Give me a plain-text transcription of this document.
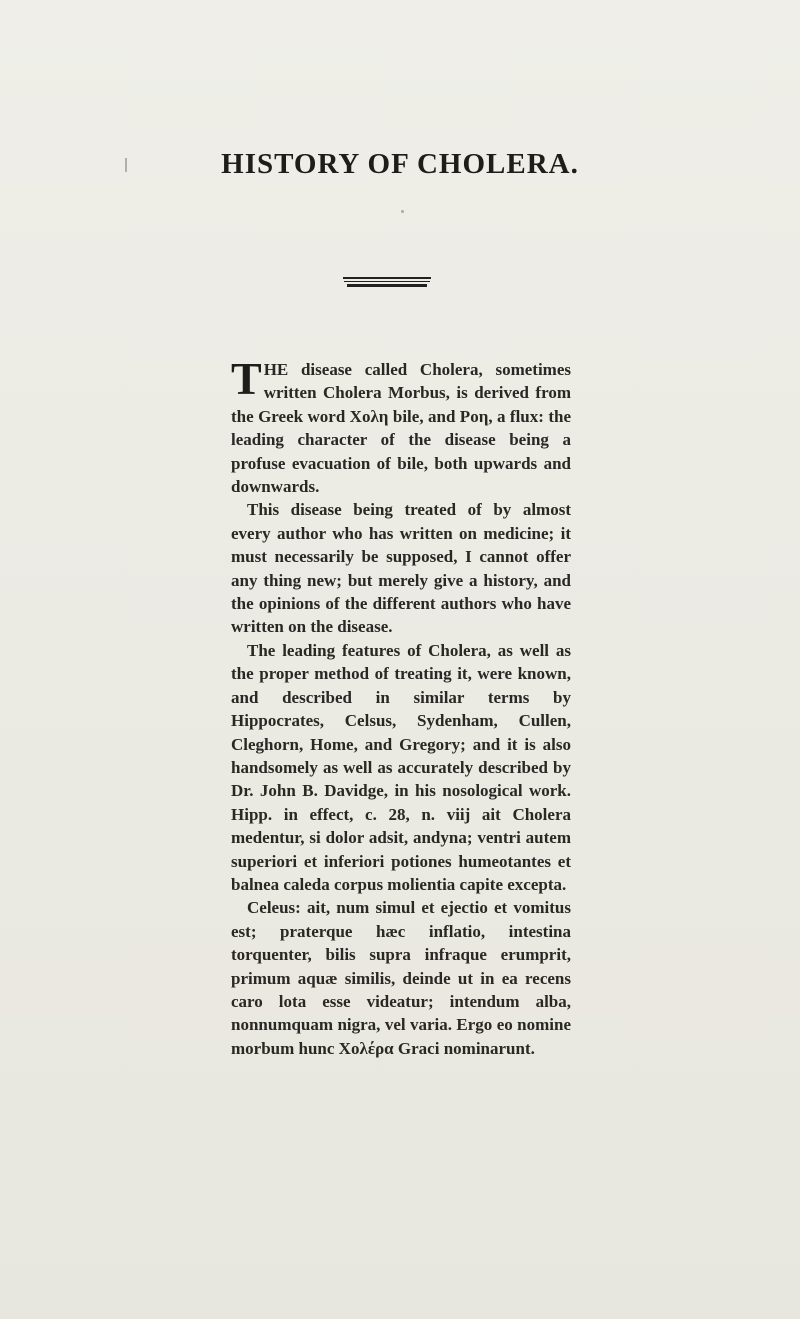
HISTORY OF CHOLERA.

THE disease called Cholera, sometimes written Cholera Morbus, is derived from the Greek word Χολη bile, and Ροη, a flux: the leading character of the disease being a profuse evacuation of bile, both upwards and downwards.

This disease being treated of by almost every author who has written on medicine; it must necessarily be supposed, I cannot offer any thing new; but merely give a history, and the opinions of the different authors who have written on the disease.

The leading features of Cholera, as well as the proper method of treating it, were known, and described in similar terms by Hippocrates, Celsus, Sydenham, Cullen, Cleghorn, Home, and Gregory; and it is also handsomely as well as accurately described by Dr. John B. Davidge, in his nosological work. Hipp. in effect, c. 28, n. viij ait Cholera medentur, si dolor adsit, andyna; ventri autem superiori et inferiori potiones humeotantes et balnea caleda corpus molientia capite excepta.

Celeus: ait, num simul et ejectio et vomitus est; praterque hæc inflatio, intestina torquenter, bilis supra infraque erumprit, primum aquæ similis, deinde ut in ea recens caro lota esse videatur; intendum alba, nonnumquam nigra, vel varia. Ergo eo nomine morbum hunc Χολέρα Graci nominarunt.
